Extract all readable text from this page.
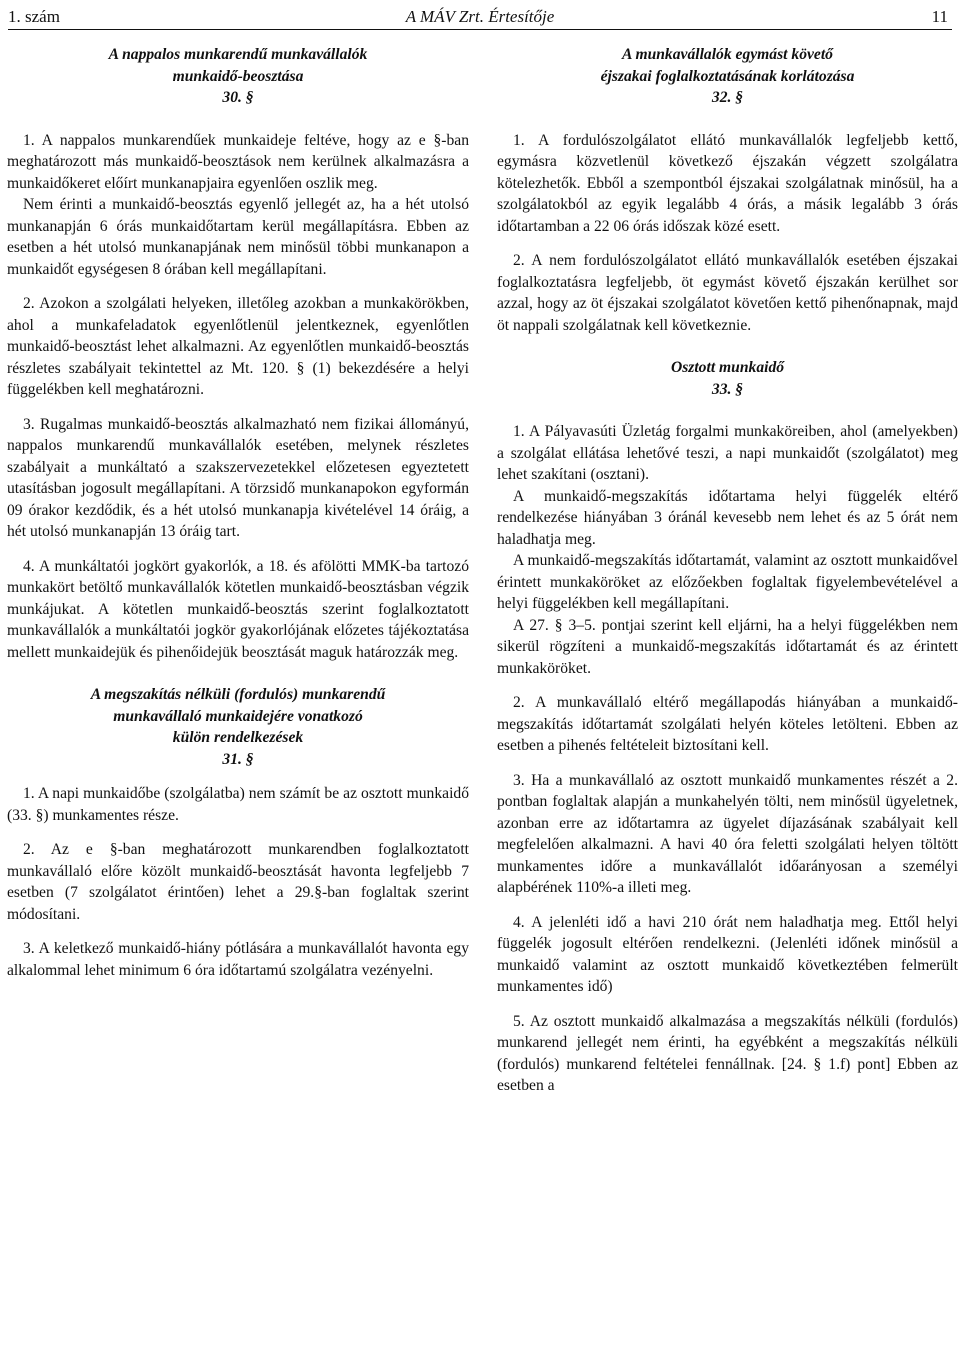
1. szám	A MÁV Zrt. Értesítője	11

A nappalos munkarendű munkavállalók

munkaidő-beosztása

30. §

1. A nappalos munkarendűek munkaideje feltéve, hogy az e §-ban meghatározott más munkaidő-beosztások nem kerülnek alkalmazásra a munkaidőkeret előírt munkanapjaira egyenlően oszlik meg.

Nem érinti a munkaidő-beosztás egyenlő jellegét az, ha a hét utolsó munkanapján 6 órás munkaidőtartam kerül megállapításra. Ebben az esetben a hét utolsó munkanapjának nem minősül többi munkanapon a munkaidőt egységesen 8 órában kell megállapítani.

2. Azokon a szolgálati helyeken, illetőleg azokban a munkakörökben, ahol a munkafeladatok egyenlőtlenül jelentkeznek, egyenlőtlen munkaidő-beosztást lehet alkalmazni. Az egyenlőtlen munkaidő-beosztás részletes szabályait tekintettel az Mt. 120. § (1) bekezdésére a helyi függelékben kell meghatározni.

3. Rugalmas munkaidő-beosztás alkalmazható nem fizikai állományú, nappalos munkarendű munkavállalók esetében, melynek részletes szabályait a munkáltató a szakszervezetekkel előzetesen egyeztetett utasításban jogosult megállapítani. A törzsidő munkanapokon egyformán 09 órakor kezdődik, és a hét utolsó munkanapja kivételével 14 óráig, a hét utolsó munkanapján 13 óráig tart.

4. A munkáltatói jogkört gyakorlók, a 18. és afölötti MMK-ba tartozó munkakört betöltő munkavállalók kötetlen munkaidő-beosztásban végzik munkájukat. A kötetlen munkaidő-beosztás szerint foglalkoztatott munkavállalók a munkáltatói jogkör gyakorlójának előzetes tájékoztatása mellett munkaidejük és pihenőidejük beosztását maguk határozzák meg.

A megszakítás nélküli (fordulós) munkarendű

munkavállaló munkaidejére vonatkozó

külön rendelkezések

31. §

1. A napi munkaidőbe (szolgálatba) nem számít be az osztott munkaidő (33. §) munkamentes része.

2. Az e §-ban meghatározott munkarendben foglalkoztatott munkavállaló előre közölt munkaidő-beosztását havonta legfeljebb 7 esetben (7 szolgálatot érintően) lehet a 29.§-ban foglaltak szerint módosítani.

3. A keletkező munkaidő-hiány pótlására a munkavállalót havonta egy alkalommal lehet minimum 6 óra időtartamú szolgálatra vezényelni.

A munkavállalók egymást követő

éjszakai foglalkoztatásának korlátozása

32. §

1. A fordulószolgálatot ellátó munkavállalók legfeljebb kettő, egymásra közvetlenül következő éjszakán végzett szolgálatra kötelezhetők. Ebből a szempontból éjszakai szolgálatnak minősül, ha a szolgálatokból az egyik legalább 4 órás, a másik legalább 3 órás időtartamban a 22 06 órás időszak közé esett.

2. A nem fordulószolgálatot ellátó munkavállalók esetében éjszakai foglalkoztatásra legfeljebb, öt egymást követő éjszakán kerülhet sor azzal, hogy az öt éjszakai szolgálatot követően kettő pihenőnapnak, majd öt nappali szolgálatnak kell következnie.

Osztott munkaidő

33. §

1. A Pályavasúti Üzletág forgalmi munkaköreiben, ahol (amelyekben) a szolgálat ellátása lehetővé teszi, a napi munkaidőt (szolgálatot) meg lehet szakítani (osztani).

A munkaidő-megszakítás időtartama helyi függelék eltérő rendelkezése hiányában 3 óránál kevesebb nem lehet és az 5 órát nem haladhatja meg.

A munkaidő-megszakítás időtartamát, valamint az osztott munkaidővel érintett munkaköröket az előzőekben foglaltak figyelembevételével a helyi függelékben kell megállapítani.

A 27. § 3–5. pontjai szerint kell eljárni, ha a helyi függelékben nem sikerül rögzíteni a munkaidő-megszakítás időtartamát és az érintett munkaköröket.

2. A munkavállaló eltérő megállapodás hiányában a munkaidő-megszakítás időtartamát szolgálati helyén köteles letölteni. Ebben az esetben a pihenés feltételeit biztosítani kell.

3. Ha a munkavállaló az osztott munkaidő munkamentes részét a 2. pontban foglaltak alapján a munkahelyén tölti, nem minősül ügyeletnek, azonban erre az időtartamra az ügyelet díjazásának szabályait kell megfelelően alkalmazni. A havi 40 óra feletti szolgálati helyen töltött munkamentes időre a munkavállalót időarányosan a személyi alapbérének 110%-a illeti meg.

4. A jelenléti idő a havi 210 órát nem haladhatja meg. Ettől helyi függelék jogosult eltérően rendelkezni. (Jelenléti időnek minősül a munkaidő valamint az osztott munkaidő következtében felmerült munkamentes idő)

5. Az osztott munkaidő alkalmazása a megszakítás nélküli (fordulós) munkarend jellegét nem érinti, ha egyébként a megszakítás nélküli (fordulós) munkarend feltételei fennállnak. [24. § 1.f) pont] Ebben az esetben a
